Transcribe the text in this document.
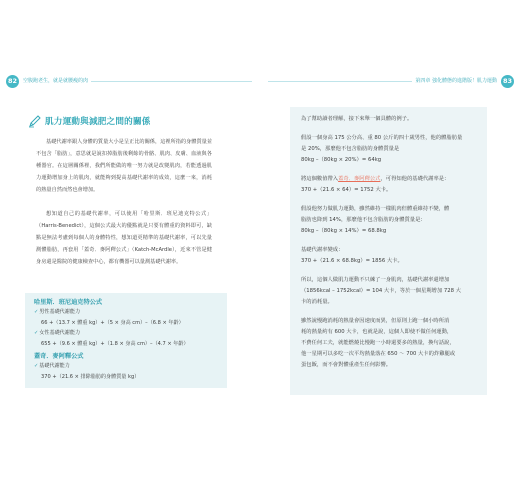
82	空腹跑老生，就是就腰瘦的肉
肌力運動與減肥之間的關係

基礎代謝率跟人身體的質量大小是呈正比的關係，這裡所指的身體質量並不包含「脂肪」，意思就是說扣掉脂肪後剩餘的骨骼、肌肉、皮膚、血液與各種器官。在這層關係裡，我們所能做的唯一努力就是改變肌肉，若能透過肌力運動增加身上的肌肉，就能夠到提高基礎代謝率的成效，這麼一來，消耗的熱量自然而然也會增加。

想知道自己的基礎代謝率，可以使用「哈里斯．班尼迪克特公式」（Harris-Benedict），這個公式最大的優點就是只要有體重的資料即可，缺點是無法考慮到每個人的身體特性，想知道更精準的基礎代謝率，可以先量測體脂肪，再套用「蓋奇．麥阿釋公式」（Katch-McArdle），近來不管是健身房還是醫院的健康檢查中心，都有機器可以量測基礎代謝率。

哈里斯．班尼迪克特公式
✓男性基礎代謝能力
66 +（13.7 × 體重 kg）+（5 × 身高 cm）–（6.8 × 年齡）
✓女性基礎代謝能力
655 +（9.6 × 體重 kg）+（1.8 × 身高 cm）–（4.7 × 年齡）
蓋奇．麥阿釋公式
✓基礎代謝能力
370 +（21.6 × 排除脂肪的身體質量 kg）
83
第四章 強化體態的進階版！肌力運動
為了幫助讀者理解，接下來舉一個具體的例子。
假設一個身高 175 公分高、重 80 公斤的四十歲男性，他的體脂肪量
是 20%，那麼他不包含脂肪的身體質量是
80kg –（80kg × 20%）= 64kg
將這個數值帶入蓋奇．麥阿釋公式，可得知他的基礎代謝率是：
370 +（21.6 × 64）= 1752 大卡。
假設他努力做肌力運動，雖然維持一樣肌肉但體重維持不變，體
脂肪也降到 14%，那麼他不包含脂肪的身體質量是：
80kg –（80kg × 14%）= 68.8kg
基礎代謝率變成：
370 +（21.6 × 68.8kg）= 1856 大卡。
所以，這個人做肌力運動不只練了一身肌肉，基礎代謝率還增加
（1856kcal – 1752kcal）= 104 大卡，等於一個星期增加 728 大
卡的消耗量。
雖然說慢跑消耗的熱量會因速度而異，但原則上跑一個小時所消
耗的熱量約有 600 大卡，也就是說，這個人即使不做任何運動，
不費任何工夫，就能燃燒比慢跑一小時還要多的熱量，換句話說，
他一星期可以多吃一次平均熱量落在 650 ～ 700 大卡的炸雞腿或
蛋包飯，而不會對體重產生任何影響。
